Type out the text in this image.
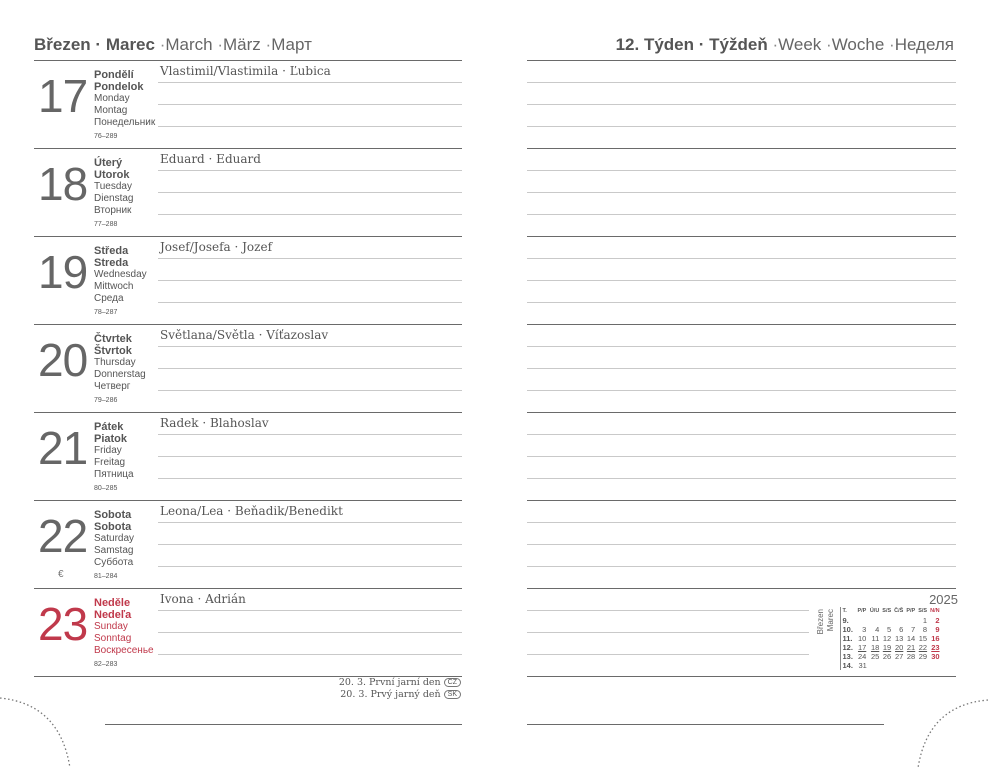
Březen · Marec ·March ·März ·Март	12. Týden · Týždeň ·Week ·Woche ·Неделя
17 Pondělí
Pondelok
Monday
Montag
Понедельник
76–289
Vlastimil/Vlastimila · Ľubica
18 Úterý
Utorok
Tuesday
Dienstag
Вторник
77–288
Eduard · Eduard
19 Středa
Streda
Wednesday
Mittwoch
Среда
78–287
Josef/Josefa · Jozef
20 Čtvrtek
Štvrtok
Thursday
Donnerstag
Четверг
79–286
Světlana/Světla · Víťazoslav
21 Pátek
Piatok
Friday
Freitag
Пятница
80–285
Radek · Blahoslav
22 Sobota
Sobota
Saturday
Samstag
Суббота
81–284
Leona/Lea · Beňadik/Benedikt
23 Neděle
Nedeľa
Sunday
Sonntag
Воскресенье
82–283
Ivona · Adrián
€
20. 3. První jarní den CZ
20. 3. Prvý jarný deň SK
2025
Březen Marec T.	P/P	Ú/U	S/S	Č/Š	P/P	S/S	N/N
9.						1	2
10.	3	4	5	6	7	8	9
11.	10	11	12	13	14	15	16
12.	17	18	19	20	21	22	23
13.	24	25	26	27	28	29	30
14.	31						
